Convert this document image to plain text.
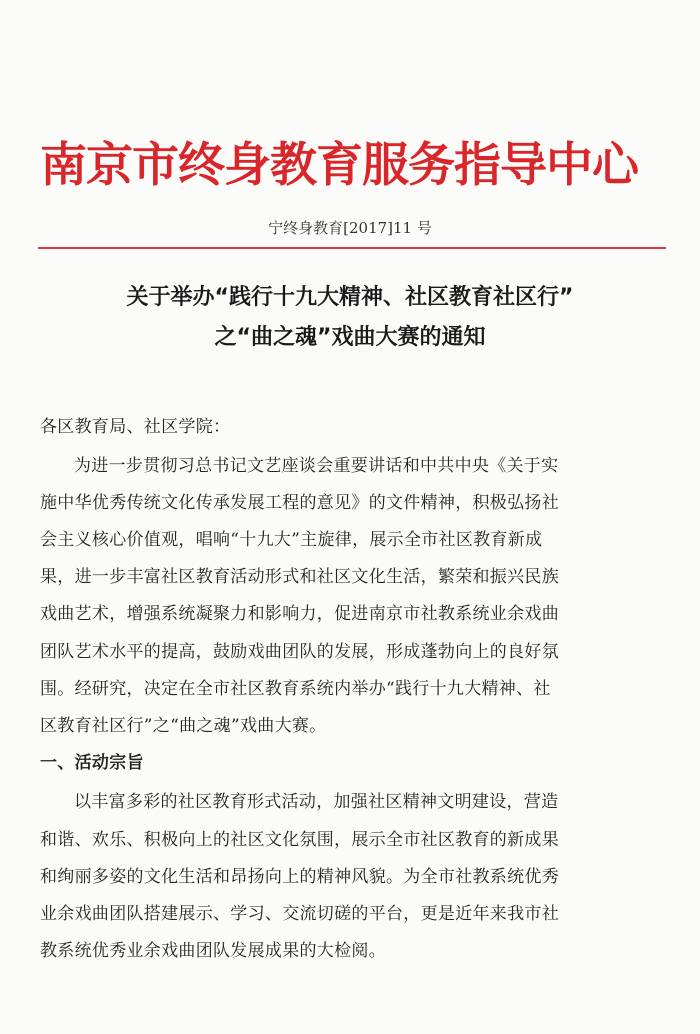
南京市终身教育服务指导中心
宁终身教育[2017]11 号
关于举办“践行十九大精神、社区教育社区行”
之“曲之魂”戏曲大赛的通知
各区教育局、社区学院：
为进一步贯彻习总书记文艺座谈会重要讲话和中共中央《关于实
施中华优秀传统文化传承发展工程的意见》的文件精神，积极弘扬社
会主义核心价值观，唱响“十九大”主旋律，展示全市社区教育新成
果，进一步丰富社区教育活动形式和社区文化生活，繁荣和振兴民族
戏曲艺术，增强系统凝聚力和影响力，促进南京市社教系统业余戏曲
团队艺术水平的提高，鼓励戏曲团队的发展，形成蓬勃向上的良好氛
围。经研究，决定在全市社区教育系统内举办“践行十九大精神、社
区教育社区行”之“曲之魂”戏曲大赛。
一、活动宗旨
以丰富多彩的社区教育形式活动，加强社区精神文明建设，营造
和谐、欢乐、积极向上的社区文化氛围，展示全市社区教育的新成果
和绚丽多姿的文化生活和昂扬向上的精神风貌。为全市社教系统优秀
业余戏曲团队搭建展示、学习、交流切磋的平台，更是近年来我市社
教系统优秀业余戏曲团队发展成果的大检阅。
